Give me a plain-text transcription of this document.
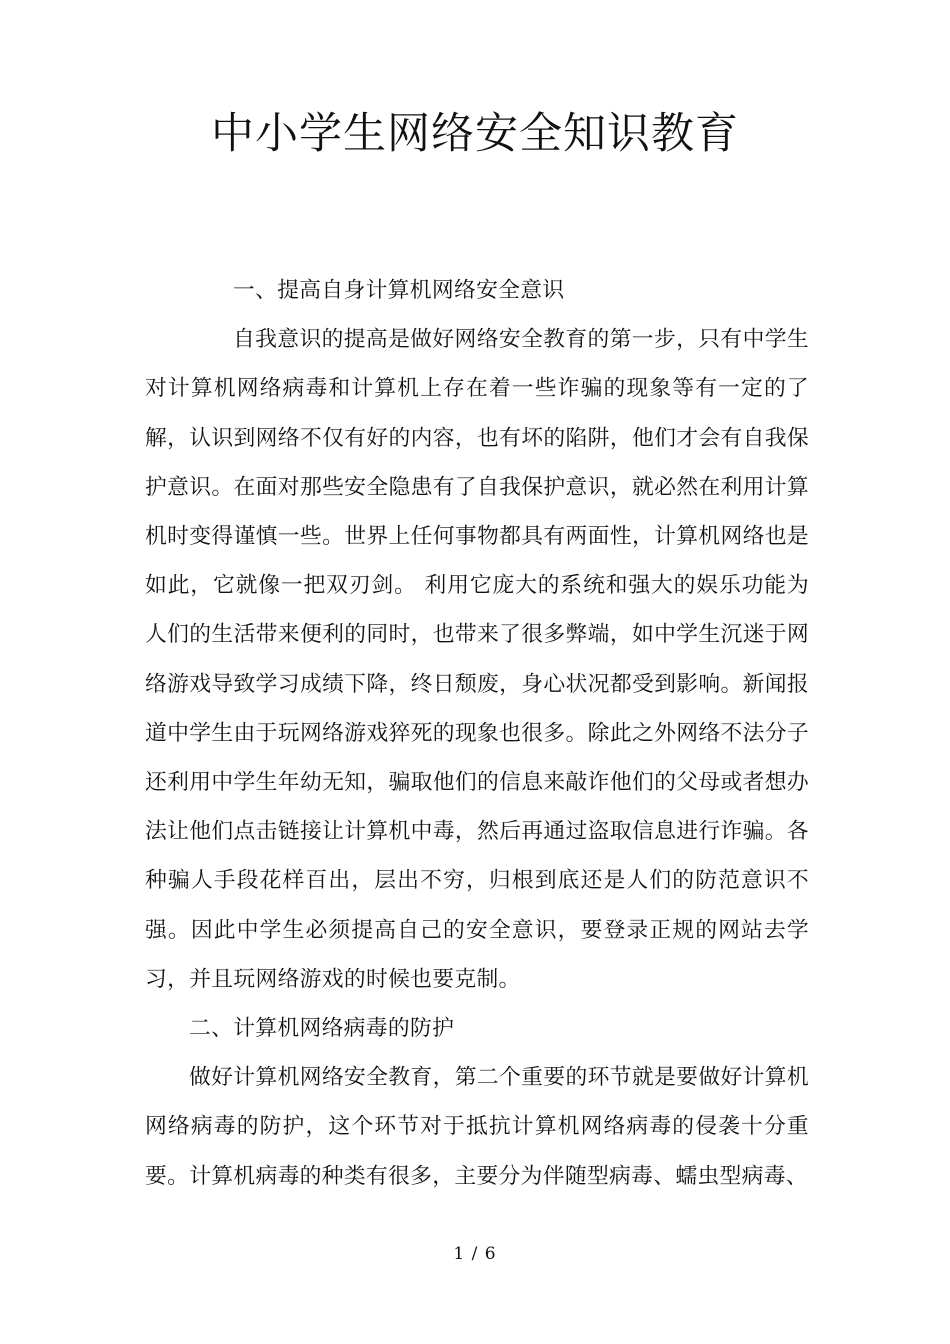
中小学生网络安全知识教育

一、提高自身计算机网络安全意识

自我意识的提高是做好网络安全教育的第一步，只有中学生对计算机网络病毒和计算机上存在着一些诈骗的现象等有一定的了解，认识到网络不仅有好的内容，也有坏的陷阱，他们才会有自我保护意识。在面对那些安全隐患有了自我保护意识，就必然在利用计算机时变得谨慎一些。世界上任何事物都具有两面性，计算机网络也是如此，它就像一把双刃剑。 利用它庞大的系统和强大的娱乐功能为人们的生活带来便利的同时，也带来了很多弊端，如中学生沉迷于网络游戏导致学习成绩下降，终日颓废，身心状况都受到影响。新闻报道中学生由于玩网络游戏猝死的现象也很多。除此之外网络不法分子还利用中学生年幼无知，骗取他们的信息来敲诈他们的父母或者想办法让他们点击链接让计算机中毒，然后再通过盗取信息进行诈骗。各种骗人手段花样百出，层出不穷，归根到底还是人们的防范意识不强。因此中学生必须提高自己的安全意识，要登录正规的网站去学习，并且玩网络游戏的时候也要克制。

二、计算机网络病毒的防护

做好计算机网络安全教育，第二个重要的环节就是要做好计算机网络病毒的防护，这个环节对于抵抗计算机网络病毒的侵袭十分重要。计算机病毒的种类有很多，主要分为伴随型病毒、蠕虫型病毒、

1 / 6
